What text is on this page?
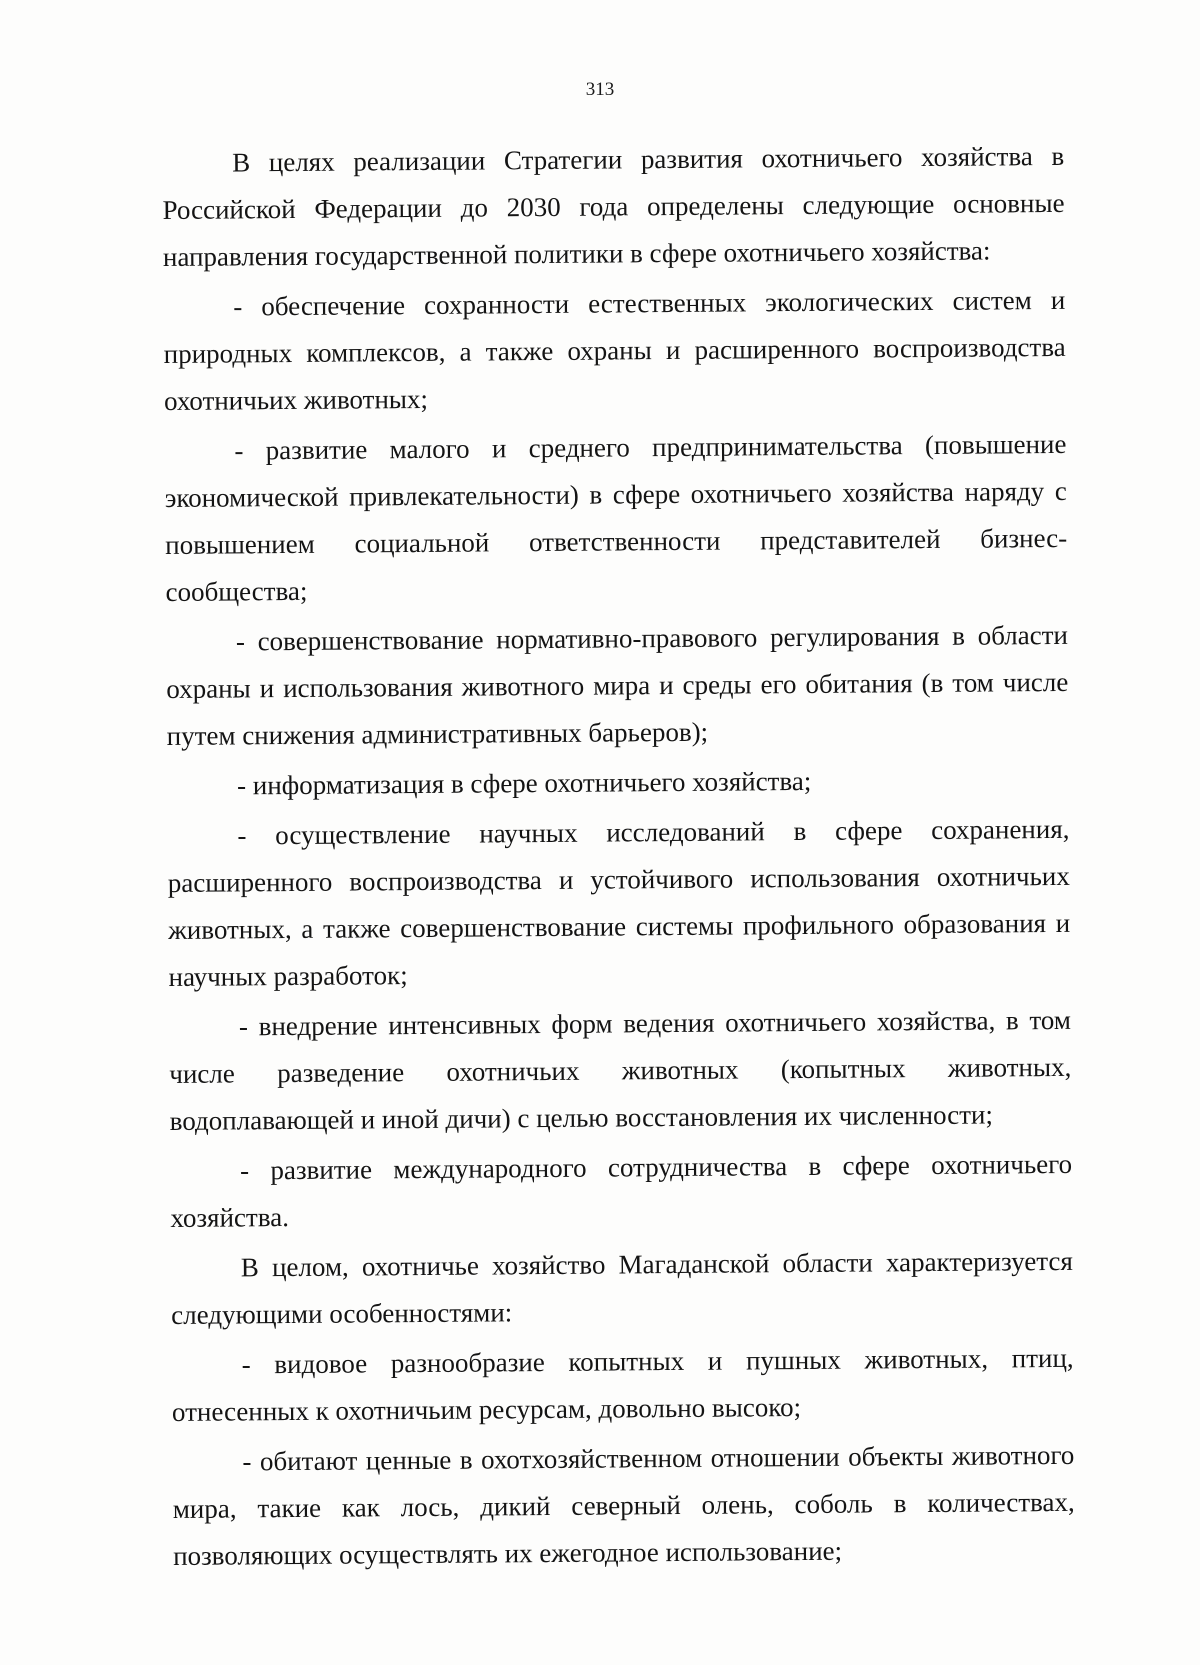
313

В целях реализации Стратегии развития охотничьего хозяйства в Российской Федерации до 2030 года определены следующие основные направления государственной политики в сфере охотничьего хозяйства:

- обеспечение сохранности естественных экологических систем и природных комплексов, а также охраны и расширенного воспроизводства охотничьих животных;

- развитие малого и среднего предпринимательства (повышение экономической привлекательности) в сфере охотничьего хозяйства наряду с повышением социальной ответственности представителей бизнес-сообщества;

- совершенствование нормативно-правового регулирования в области охраны и использования животного мира и среды его обитания (в том числе путем снижения административных барьеров);

- информатизация в сфере охотничьего хозяйства;

- осуществление научных исследований в сфере сохранения, расширенного воспроизводства и устойчивого использования охотничьих животных, а также совершенствование системы профильного образования и научных разработок;

- внедрение интенсивных форм ведения охотничьего хозяйства, в том числе разведение охотничьих животных (копытных животных, водоплавающей и иной дичи) с целью восстановления их численности;

- развитие международного сотрудничества в сфере охотничьего хозяйства.

В целом, охотничье хозяйство Магаданской области характеризуется следующими особенностями:

- видовое разнообразие копытных и пушных животных, птиц, отнесенных к охотничьим ресурсам, довольно высоко;

- обитают ценные в охотхозяйственном отношении объекты животного мира, такие как лось, дикий северный олень, соболь в количествах, позволяющих осуществлять их ежегодное использование;
